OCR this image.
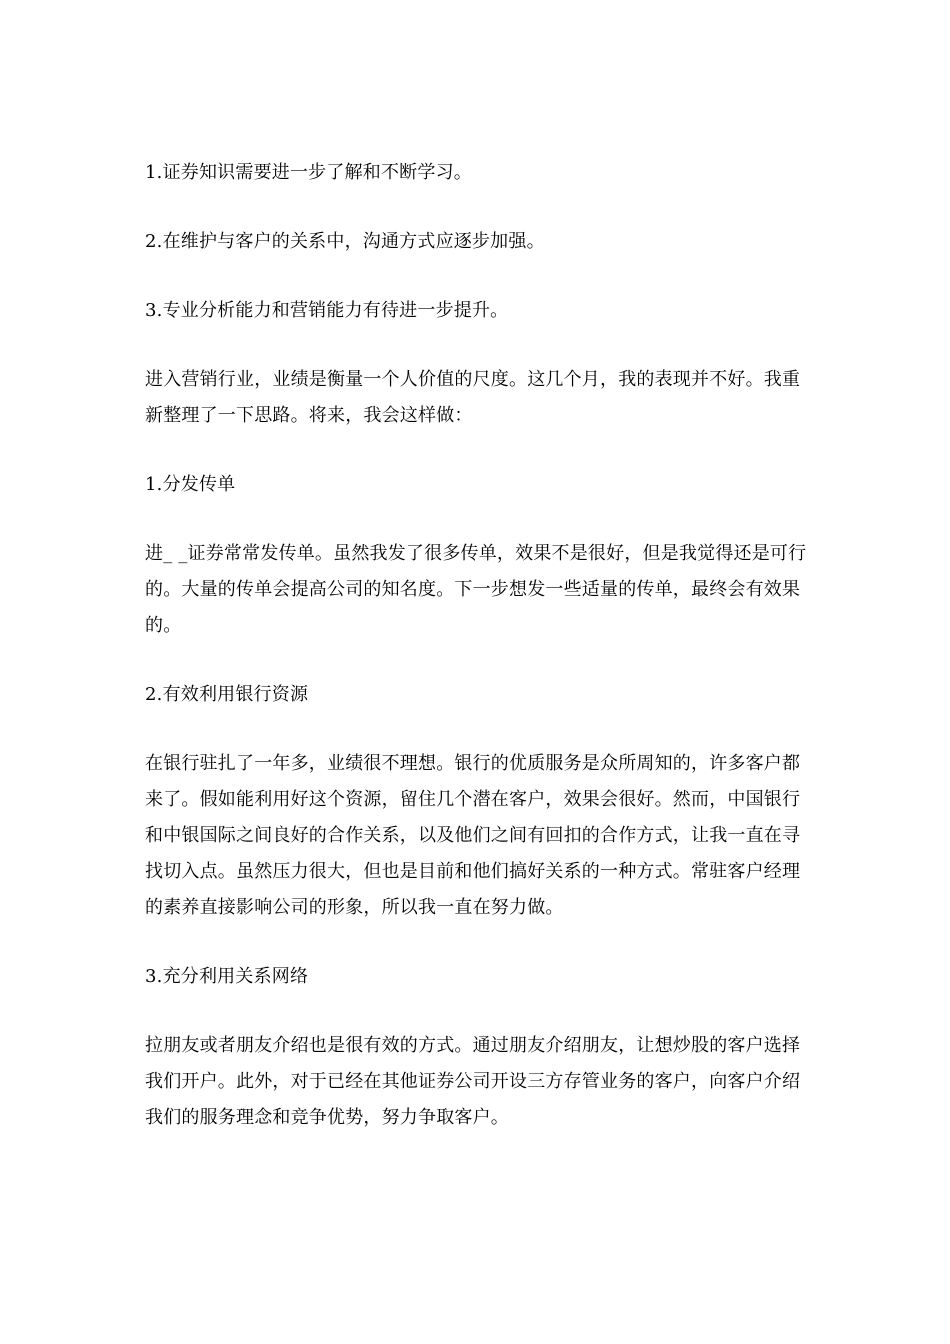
1.证券知识需要进一步了解和不断学习。

2.在维护与客户的关系中，沟通方式应逐步加强。

3.专业分析能力和营销能力有待进一步提升。

进入营销行业，业绩是衡量一个人价值的尺度。这几个月，我的表现并不好。我重新整理了一下思路。将来，我会这样做：

1.分发传单

进_ _证券常常发传单。虽然我发了很多传单，效果不是很好，但是我觉得还是可行的。大量的传单会提高公司的知名度。下一步想发一些适量的传单，最终会有效果的。

2.有效利用银行资源

在银行驻扎了一年多，业绩很不理想。银行的优质服务是众所周知的，许多客户都来了。假如能利用好这个资源，留住几个潜在客户，效果会很好。然而，中国银行和中银国际之间良好的合作关系，以及他们之间有回扣的合作方式，让我一直在寻找切入点。虽然压力很大，但也是目前和他们搞好关系的一种方式。常驻客户经理的素养直接影响公司的形象，所以我一直在努力做。

3.充分利用关系网络

拉朋友或者朋友介绍也是很有效的方式。通过朋友介绍朋友，让想炒股的客户选择我们开户。此外，对于已经在其他证券公司开设三方存管业务的客户，向客户介绍我们的服务理念和竞争优势，努力争取客户。
